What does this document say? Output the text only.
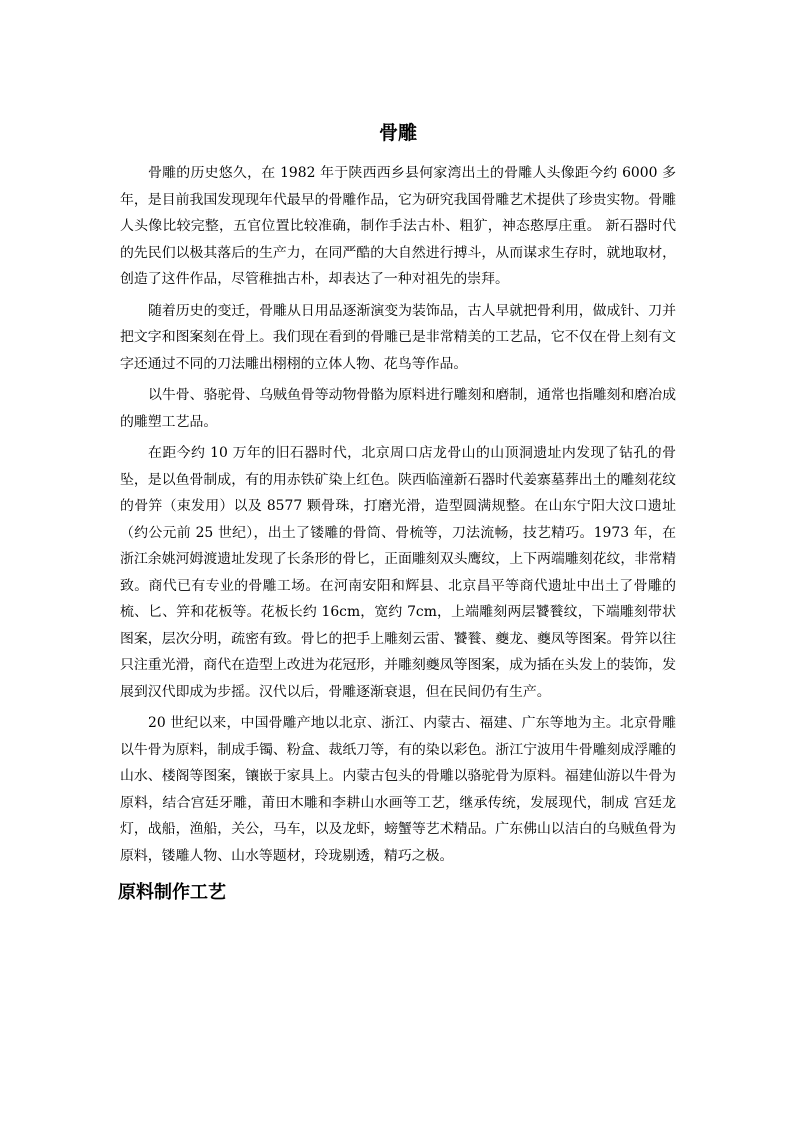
骨雕

骨雕的历史悠久，在 1982 年于陕西西乡县何家湾出土的骨雕人头像距今约 6000 多年，是目前我国发现现年代最早的骨雕作品，它为研究我国骨雕艺术提供了珍贵实物。骨雕人头像比较完整，五官位置比较准确，制作手法古朴、粗犷，神态憨厚庄重。 新石器时代的先民们以极其落后的生产力，在同严酷的大自然进行搏斗，从而谋求生存时，就地取材，创造了这件作品，尽管稚拙古朴，却表达了一种对祖先的崇拜。

随着历史的变迁，骨雕从日用品逐渐演变为装饰品，古人早就把骨利用，做成针、刀并把文字和图案刻在骨上。我们现在看到的骨雕已是非常精美的工艺品，它不仅在骨上刻有文字还通过不同的刀法雕出栩栩的立体人物、花鸟等作品。

以牛骨、骆驼骨、乌贼鱼骨等动物骨骼为原料进行雕刻和磨制，通常也指雕刻和磨冶成的雕塑工艺品。

在距今约 10 万年的旧石器时代，北京周口店龙骨山的山顶洞遗址内发现了钻孔的骨坠，是以鱼骨制成，有的用赤铁矿染上红色。陕西临潼新石器时代姜寨墓葬出土的雕刻花纹的骨笄（束发用）以及 8577 颗骨珠，打磨光滑，造型圆满规整。在山东宁阳大汶口遗址（约公元前 25 世纪），出土了镂雕的骨筒、骨梳等，刀法流畅，技艺精巧。1973 年，在浙江余姚河姆渡遗址发现了长条形的骨匕，正面雕刻双头鹰纹，上下两端雕刻花纹，非常精致。商代已有专业的骨雕工场。在河南安阳和辉县、北京昌平等商代遗址中出土了骨雕的梳、匕、笄和花板等。花板长约 16cm，宽约 7cm，上端雕刻两层饕餮纹，下端雕刻带状图案，层次分明，疏密有致。骨匕的把手上雕刻云雷、饕餮、夔龙、夔凤等图案。骨笄以往只注重光滑，商代在造型上改进为花冠形，并雕刻夔凤等图案，成为插在头发上的装饰，发展到汉代即成为步摇。汉代以后，骨雕逐渐衰退，但在民间仍有生产。

20 世纪以来，中国骨雕产地以北京、浙江、内蒙古、福建、广东等地为主。北京骨雕以牛骨为原料，制成手镯、粉盒、裁纸刀等，有的染以彩色。浙江宁波用牛骨雕刻成浮雕的山水、楼阁等图案，镶嵌于家具上。内蒙古包头的骨雕以骆驼骨为原料。福建仙游以牛骨为原料，结合宫廷牙雕，莆田木雕和李耕山水画等工艺，继承传统，发展现代，制成 宫廷龙灯，战船，渔船，关公，马车，以及龙虾，螃蟹等艺术精品。广东佛山以洁白的乌贼鱼骨为原料，镂雕人物、山水等题材，玲珑剔透，精巧之极。

原料制作工艺
